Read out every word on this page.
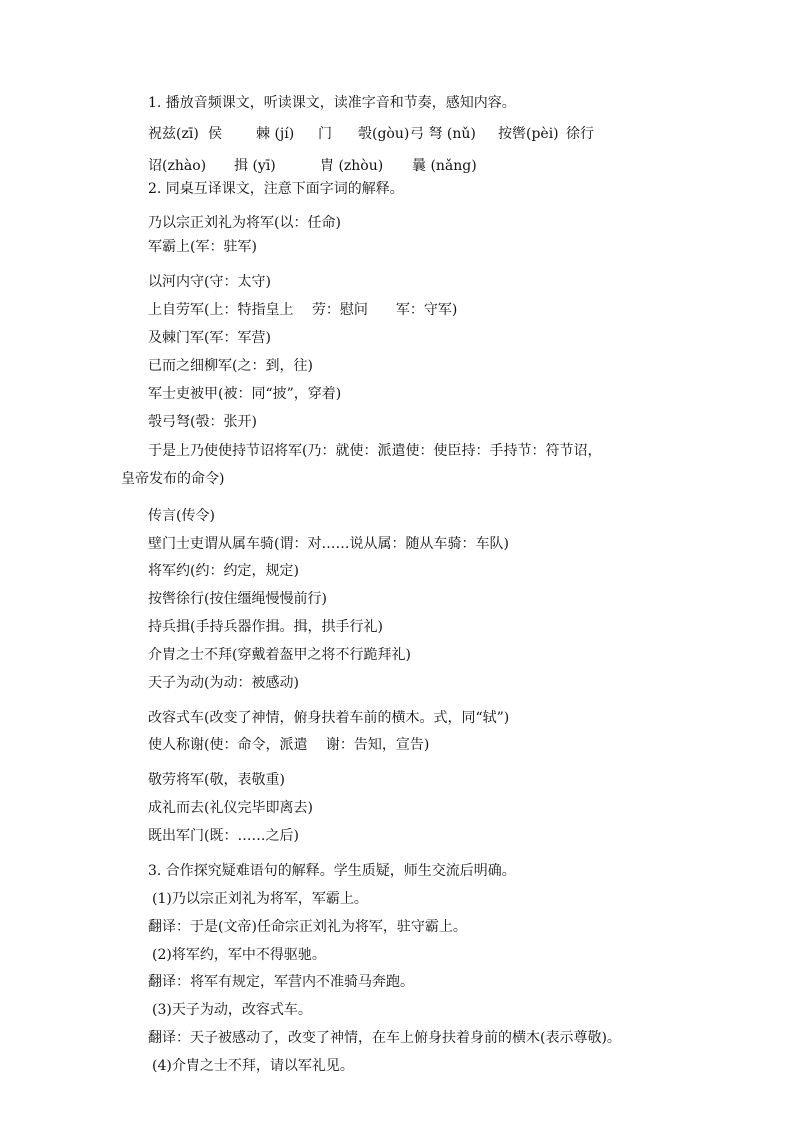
1. 播放音频课文，听读课文，读准字音和节奏，感知内容。
祝兹(zī) 侯 棘 (jí) 门 彀(gòu) 弓 弩 (nǔ) 按辔(pèi) 徐行
诏(zhào) 揖 (yī)	胄 (zhòu) 曩 (nǎng)
2. 同桌互译课文，注意下面字词的解释。
乃以宗正刘礼为将军(以：任命)
军霸上(军：驻军)
以河内守(守：太守)
上自劳军(上：特指皇上　 劳：慰问　　军：守军)
及棘门军(军：军营)
已而之细柳军(之：到，往)
军士吏被甲(被：同“披”，穿着)
彀弓弩(彀：张开)
于是上乃使使持节诏将军(乃：就使：派遣使：使臣持：手持节：符节诏，
皇帝发布的命令)
传言(传令)
壁门士吏谓从属车骑(谓：对……说从属：随从车骑：车队)
将军约(约：约定，规定)
按辔徐行(按住缰绳慢慢前行)
持兵揖(手持兵器作揖。揖，拱手行礼)
介胄之士不拜(穿戴着盔甲之将不行跪拜礼)
天子为动(为动：被感动)
改容式车(改变了神情，俯身扶着车前的横木。式，同“轼”)
使人称谢(使：命令，派遣　 谢：告知，宣告)
敬劳将军(敬，表敬重)
成礼而去(礼仪完毕即离去)
既出军门(既：……之后)
3. 合作探究疑难语句的解释。学生质疑，师生交流后明确。
(1)乃以宗正刘礼为将军，军霸上。
翻译：于是(文帝)任命宗正刘礼为将军，驻守霸上。
(2)将军约，军中不得驱驰。
翻译：将军有规定，军营内不准骑马奔跑。
(3)天子为动，改容式车。
翻译：天子被感动了，改变了神情，在车上俯身扶着身前的横木(表示尊敬)。
(4)介胄之士不拜，请以军礼见。
